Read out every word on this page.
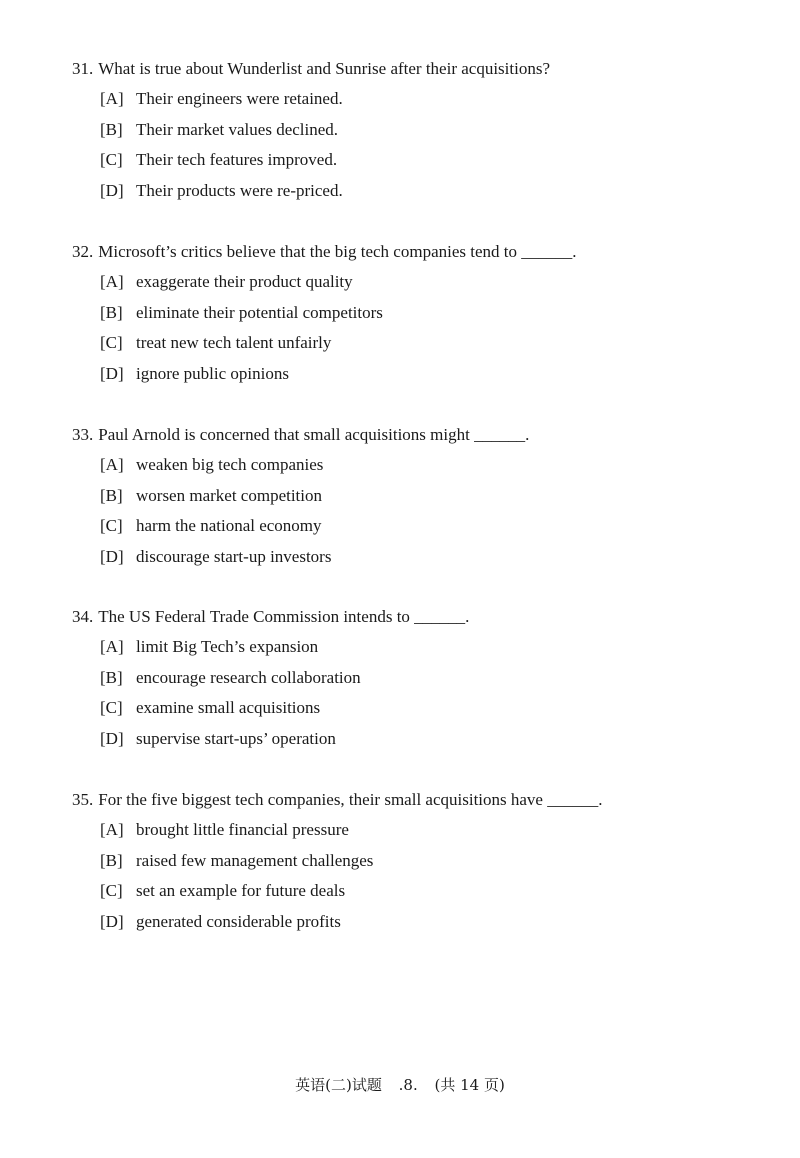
31. What is true about Wunderlist and Sunrise after their acquisitions?
[A] Their engineers were retained.
[B] Their market values declined.
[C] Their tech features improved.
[D] Their products were re-priced.
32. Microsoft’s critics believe that the big tech companies tend to ______.
[A] exaggerate their product quality
[B] eliminate their potential competitors
[C] treat new tech talent unfairly
[D] ignore public opinions
33. Paul Arnold is concerned that small acquisitions might ______.
[A] weaken big tech companies
[B] worsen market competition
[C] harm the national economy
[D] discourage start-up investors
34. The US Federal Trade Commission intends to ______.
[A] limit Big Tech’s expansion
[B] encourage research collaboration
[C] examine small acquisitions
[D] supervise start-ups’ operation
35. For the five biggest tech companies, their small acquisitions have ______.
[A] brought little financial pressure
[B] raised few management challenges
[C] set an example for future deals
[D] generated considerable profits
英语(二)试题 .8. (共 14 页)
